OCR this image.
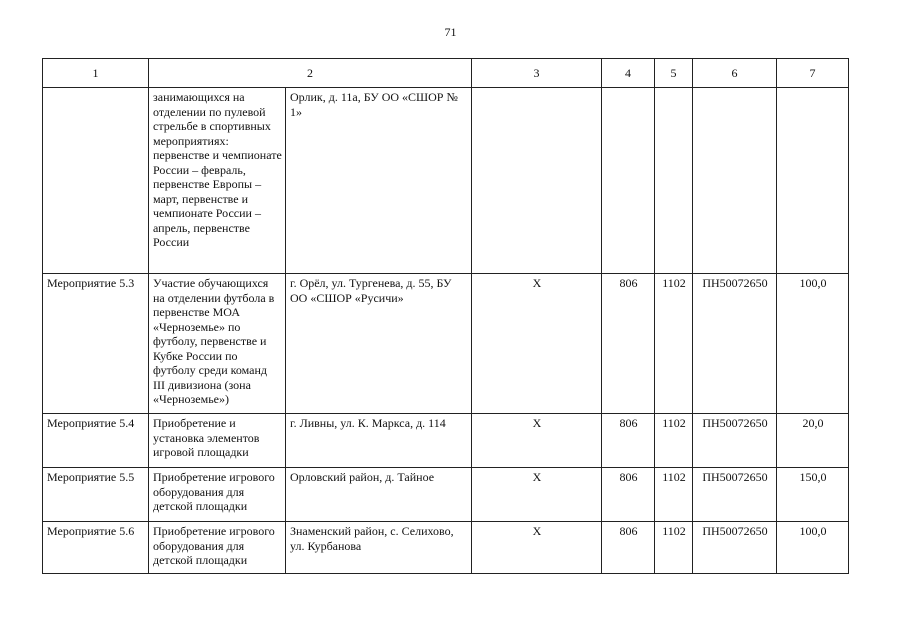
71
1	2		3	4	5	6	7
	занимающихся на отделении по пулевой стрельбе в спортивных мероприятиях: первенстве и чемпионате России – февраль, первенстве Европы – март, первенстве и чемпионате России – апрель, первенстве России	Орлик, д. 11а, БУ ОО «СШОР № 1»					
Мероприятие 5.3	Участие обучающихся на отделении футбола в первенстве МОА «Черноземье» по футболу, первенстве и Кубке России по футболу среди команд III дивизиона (зона «Черноземье»)	г. Орёл, ул. Тургенева, д. 55, БУ ОО «СШОР «Русичи»	Х	806	1102	ПН50072650	100,0
Мероприятие 5.4	Приобретение и установка элементов игровой площадки	г. Ливны, ул. К. Маркса, д. 114	Х	806	1102	ПН50072650	20,0
Мероприятие 5.5	Приобретение игрового оборудования для детской площадки	Орловский район, д. Тайное	Х	806	1102	ПН50072650	150,0
Мероприятие 5.6	Приобретение игрового оборудования для детской площадки	Знаменский район, с. Селихово, ул. Курбанова	Х	806	1102	ПН50072650	100,0
